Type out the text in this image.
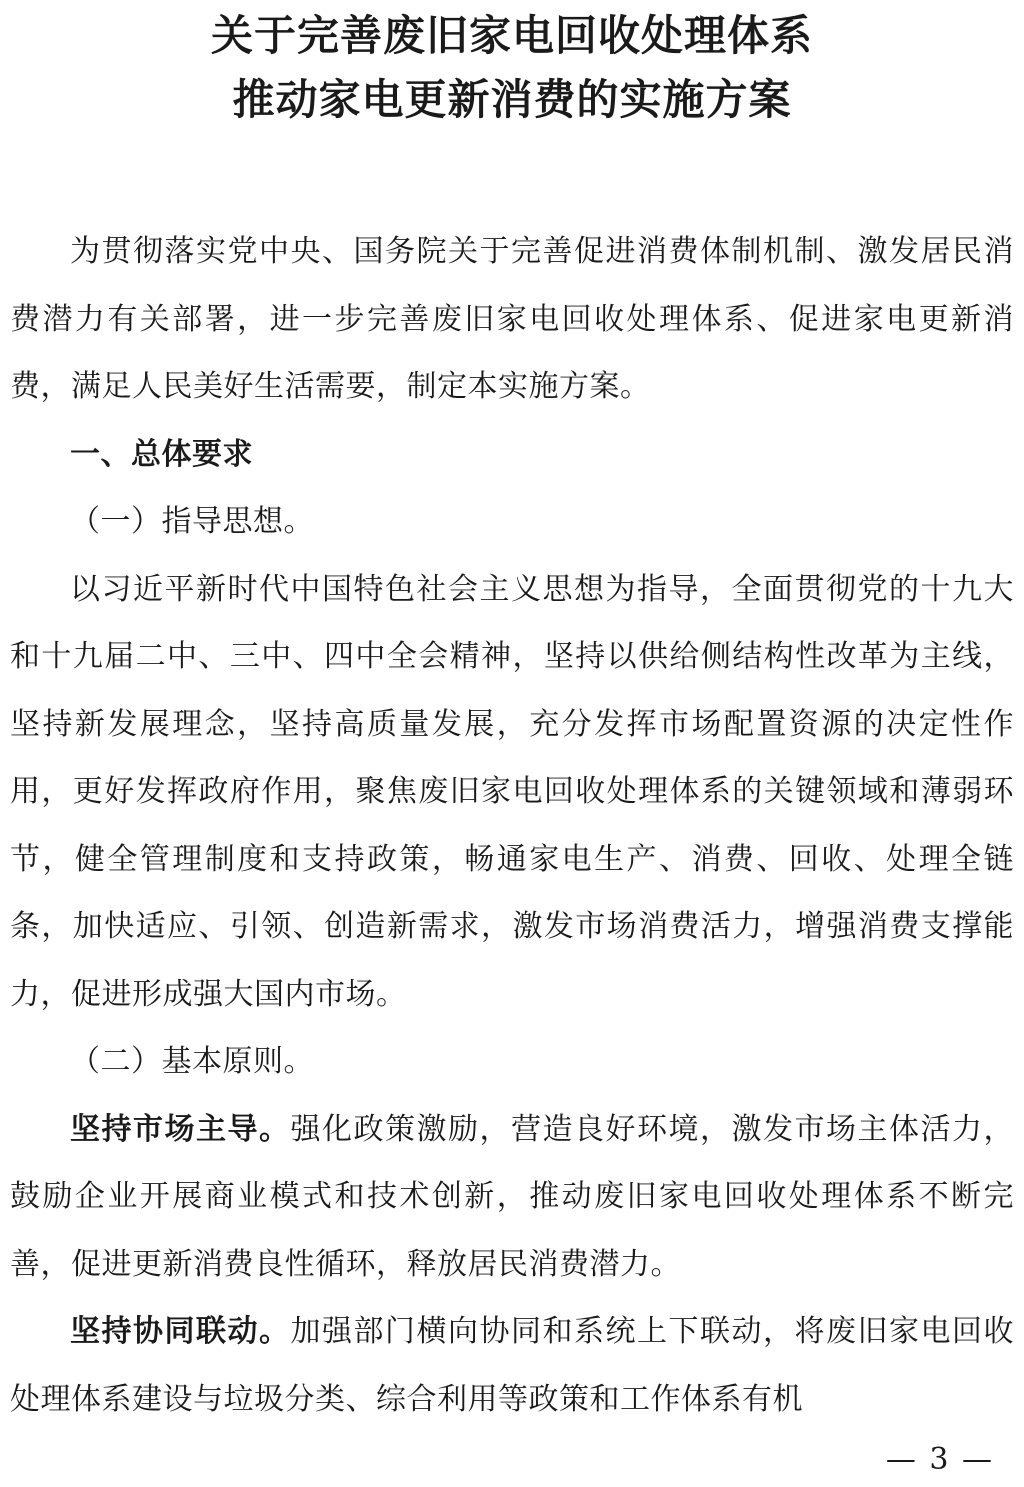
关于完善废旧家电回收处理体系

推动家电更新消费的实施方案

为贯彻落实党中央、国务院关于完善促进消费体制机制、激发居民消费潜力有关部署，进一步完善废旧家电回收处理体系、促进家电更新消费，满足人民美好生活需要，制定本实施方案。

一、总体要求

（一）指导思想。

以习近平新时代中国特色社会主义思想为指导，全面贯彻党的十九大和十九届二中、三中、四中全会精神，坚持以供给侧结构性改革为主线，坚持新发展理念，坚持高质量发展，充分发挥市场配置资源的决定性作用，更好发挥政府作用，聚焦废旧家电回收处理体系的关键领域和薄弱环节，健全管理制度和支持政策，畅通家电生产、消费、回收、处理全链条，加快适应、引领、创造新需求，激发市场消费活力，增强消费支撑能力，促进形成强大国内市场。

（二）基本原则。

坚持市场主导。强化政策激励，营造良好环境，激发市场主体活力，鼓励企业开展商业模式和技术创新，推动废旧家电回收处理体系不断完善，促进更新消费良性循环，释放居民消费潜力。

坚持协同联动。加强部门横向协同和系统上下联动，将废旧家电回收处理体系建设与垃圾分类、综合利用等政策和工作体系有机

— 3 —
